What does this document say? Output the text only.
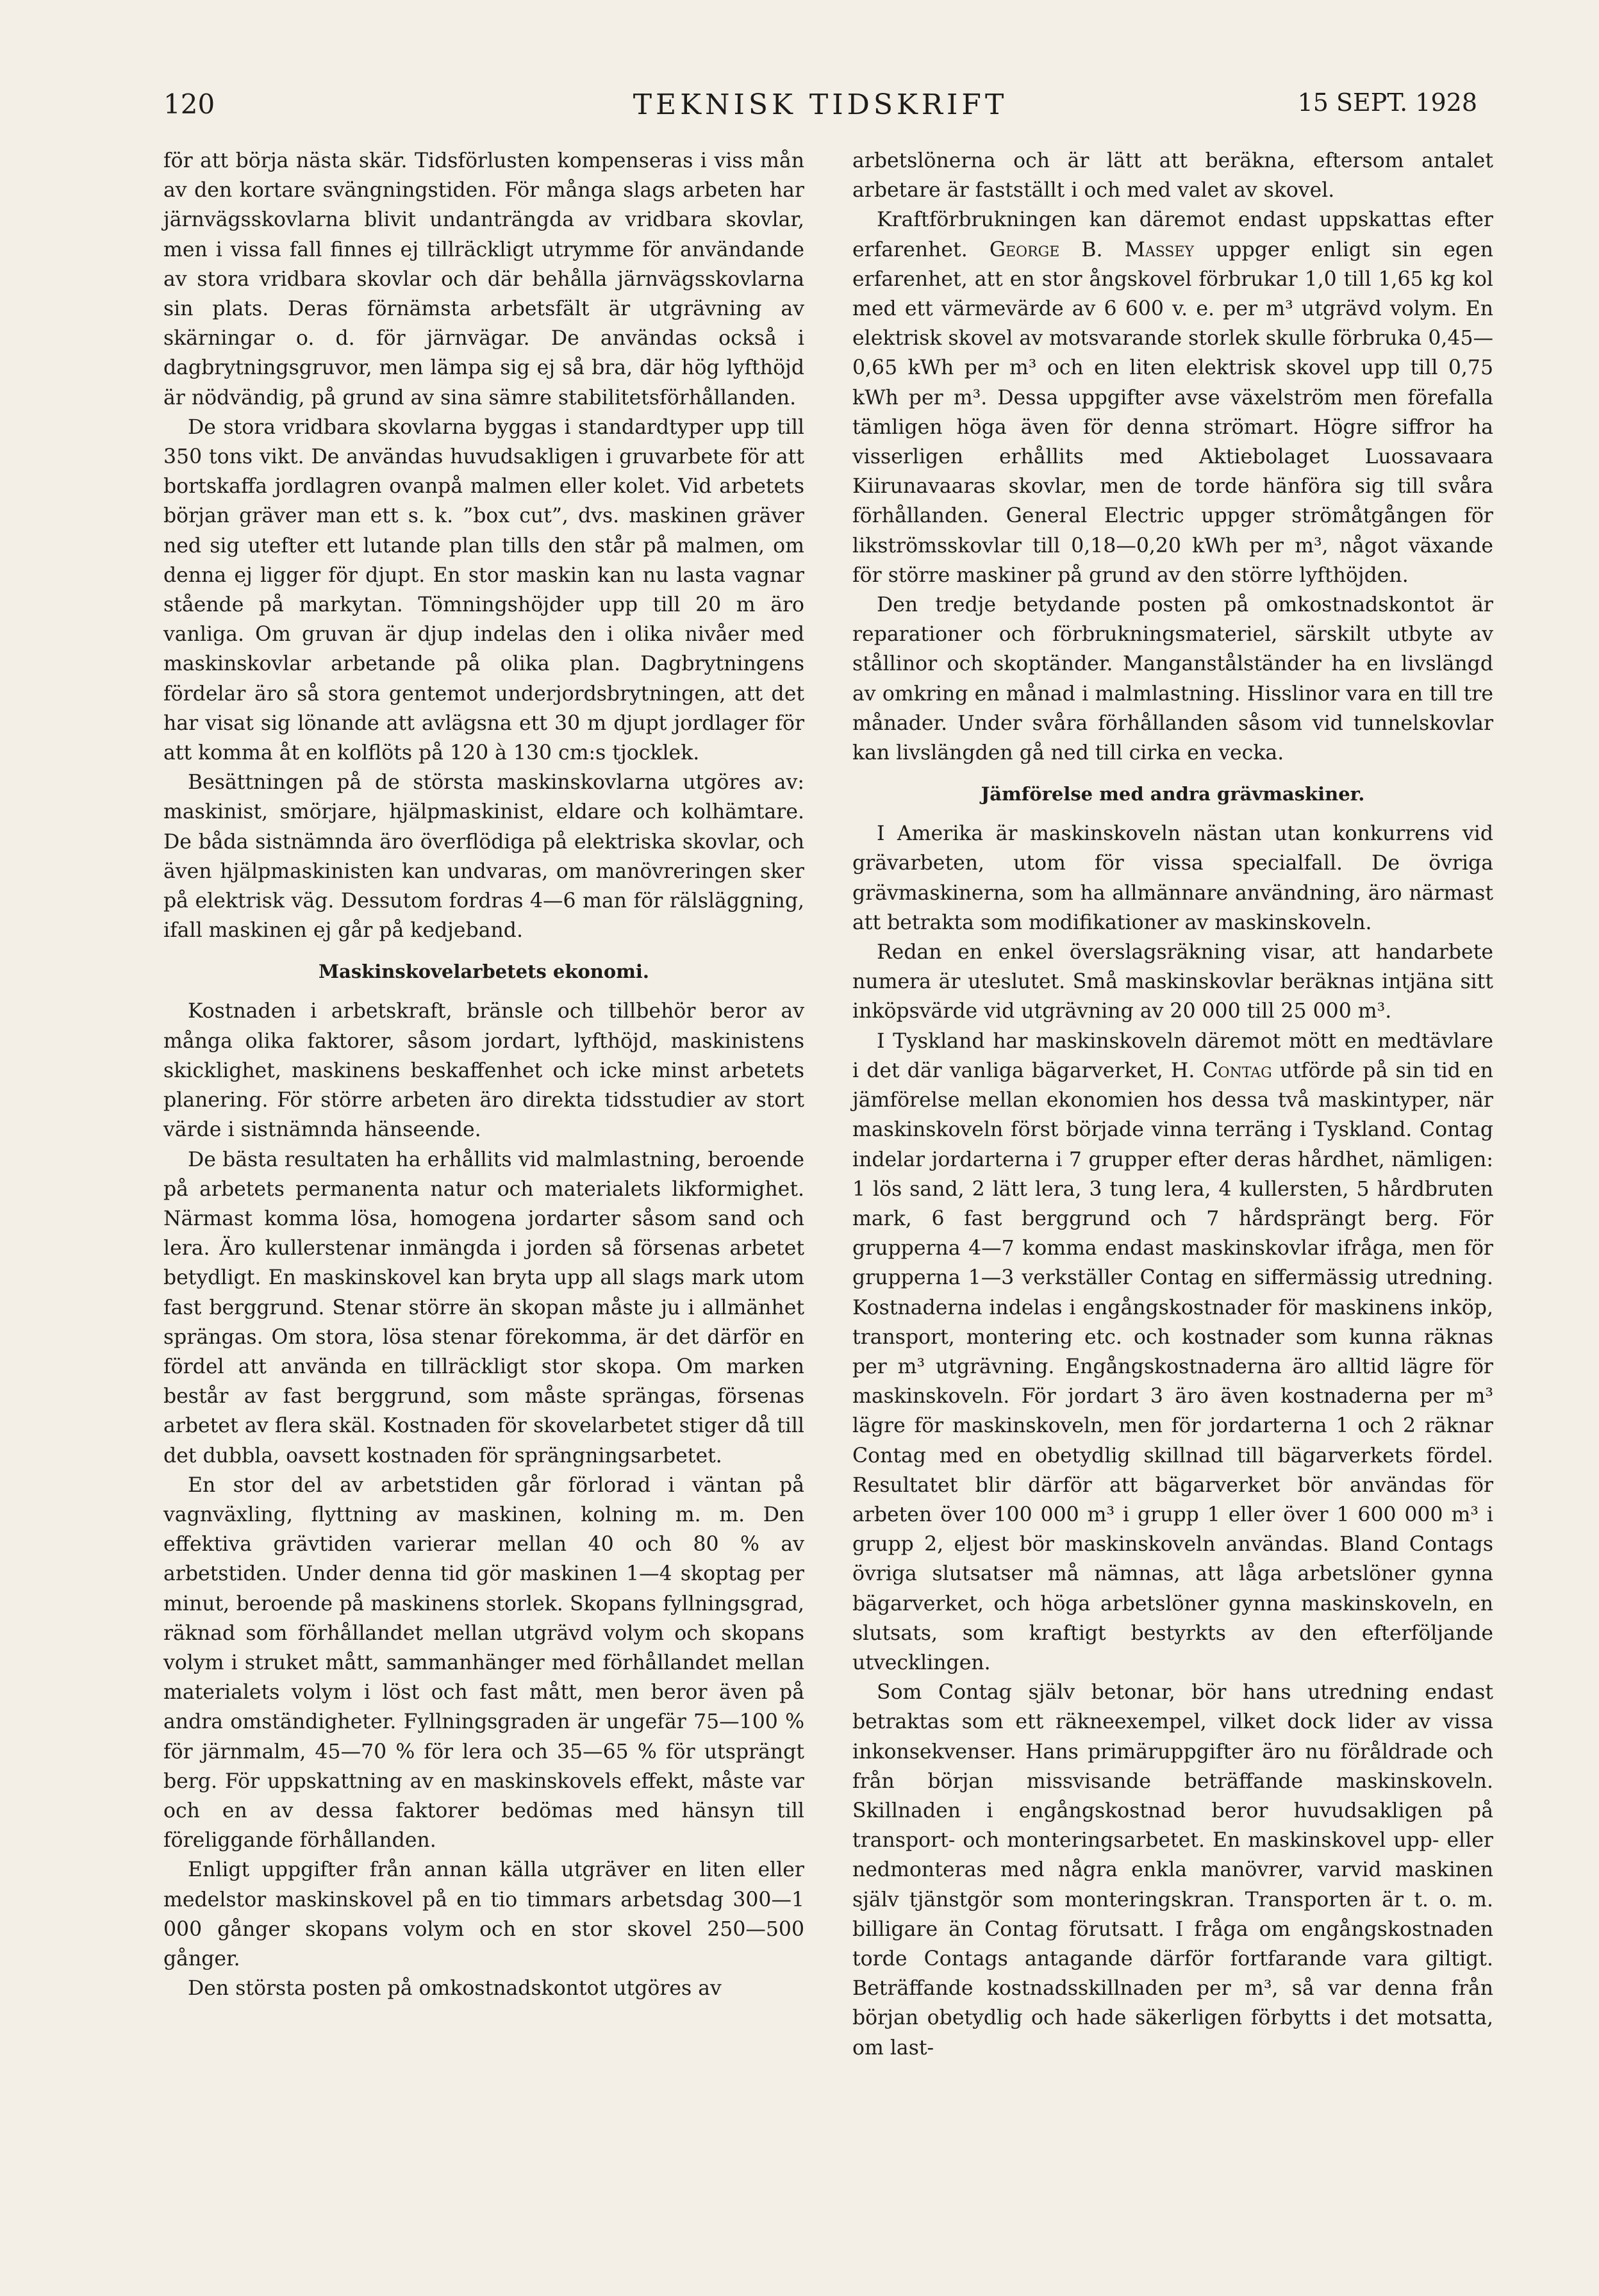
120	TEKNISK TIDSKRIFT	15 SEPT. 1928

för att börja nästa skär. Tidsförlusten kompenseras i viss mån av den kortare svängningstiden. För många slags arbeten har järnvägsskovlarna blivit undanträngda av vridbara skovlar, men i vissa fall finnes ej tillräckligt utrymme för användande av stora vridbara skovlar och där behålla järnvägsskovlarna sin plats. Deras förnämsta arbetsfält är utgrävning av skärningar o. d. för järnvägar. De användas också i dagbrytningsgruvor, men lämpa sig ej så bra, där hög lyfthöjd är nödvändig, på grund av sina sämre stabilitetsförhållanden.

De stora vridbara skovlarna byggas i standardtyper upp till 350 tons vikt. De användas huvudsakligen i gruvarbete för att bortskaffa jordlagren ovanpå malmen eller kolet. Vid arbetets början gräver man ett s. k. ”box cut”, dvs. maskinen gräver ned sig utefter ett lutande plan tills den står på malmen, om denna ej ligger för djupt. En stor maskin kan nu lasta vagnar stående på markytan. Tömningshöjder upp till 20 m äro vanliga. Om gruvan är djup indelas den i olika nivåer med maskinskovlar arbetande på olika plan. Dagbrytningens fördelar äro så stora gentemot underjordsbrytningen, att det har visat sig lönande att avlägsna ett 30 m djupt jordlager för att komma åt en kolflöts på 120 à 130 cm:s tjocklek.

Besättningen på de största maskinskovlarna utgöres av: maskinist, smörjare, hjälpmaskinist, eldare och kolhämtare. De båda sistnämnda äro överflödiga på elektriska skovlar, och även hjälpmaskinisten kan undvaras, om manövreringen sker på elektrisk väg. Dessutom fordras 4—6 man för rälsläggning, ifall maskinen ej går på kedjeband.

Maskinskovelarbetets ekonomi.

Kostnaden i arbetskraft, bränsle och tillbehör beror av många olika faktorer, såsom jordart, lyfthöjd, maskinistens skicklighet, maskinens beskaffenhet och icke minst arbetets planering. För större arbeten äro direkta tidsstudier av stort värde i sistnämnda hänseende.

De bästa resultaten ha erhållits vid malmlastning, beroende på arbetets permanenta natur och materialets likformighet. Närmast komma lösa, homogena jordarter såsom sand och lera. Äro kullerstenar inmängda i jorden så försenas arbetet betydligt. En maskinskovel kan bryta upp all slags mark utom fast berggrund. Stenar större än skopan måste ju i allmänhet sprängas. Om stora, lösa stenar förekomma, är det därför en fördel att använda en tillräckligt stor skopa. Om marken består av fast berggrund, som måste sprängas, försenas arbetet av flera skäl. Kostnaden för skovelarbetet stiger då till det dubbla, oavsett kostnaden för sprängningsarbetet.

En stor del av arbetstiden går förlorad i väntan på vagnväxling, flyttning av maskinen, kolning m. m. Den effektiva grävtiden varierar mellan 40 och 80 % av arbetstiden. Under denna tid gör maskinen 1—4 skoptag per minut, beroende på maskinens storlek. Skopans fyllningsgrad, räknad som förhållandet mellan utgrävd volym och skopans volym i struket mått, sammanhänger med förhållandet mellan materialets volym i löst och fast mått, men beror även på andra omständigheter. Fyllningsgraden är ungefär 75—100 % för järnmalm, 45—70 % för lera och 35—65 % för utsprängt berg. För uppskattning av en maskinskovels effekt, måste var och en av dessa faktorer bedömas med hänsyn till föreliggande förhållanden.

Enligt uppgifter från annan källa utgräver en liten eller medelstor maskinskovel på en tio timmars arbetsdag 300—1 000 gånger skopans volym och en stor skovel 250—500 gånger.

Den största posten på omkostnadskontot utgöres av

arbetslönerna och är lätt att beräkna, eftersom antalet arbetare är fastställt i och med valet av skovel.

Kraftförbrukningen kan däremot endast uppskattas efter erfarenhet. George B. Massey uppger enligt sin egen erfarenhet, att en stor ångskovel förbrukar 1,0 till 1,65 kg kol med ett värmevärde av 6 600 v. e. per m³ utgrävd volym. En elektrisk skovel av motsvarande storlek skulle förbruka 0,45—0,65 kWh per m³ och en liten elektrisk skovel upp till 0,75 kWh per m³. Dessa uppgifter avse växelström men förefalla tämligen höga även för denna strömart. Högre siffror ha visserligen erhållits med Aktiebolaget Luossavaara Kiirunavaaras skovlar, men de torde hänföra sig till svåra förhållanden. General Electric uppger strömåtgången för likströmsskovlar till 0,18—0,20 kWh per m³, något växande för större maskiner på grund av den större lyfthöjden.

Den tredje betydande posten på omkostnadskontot är reparationer och förbrukningsmateriel, särskilt utbyte av stållinor och skoptänder. Manganstålständer ha en livslängd av omkring en månad i malmlastning. Hisslinor vara en till tre månader. Under svåra förhållanden såsom vid tunnelskovlar kan livslängden gå ned till cirka en vecka.

Jämförelse med andra grävmaskiner.

I Amerika är maskinskoveln nästan utan konkurrens vid grävarbeten, utom för vissa specialfall. De övriga grävmaskinerna, som ha allmännare användning, äro närmast att betrakta som modifikationer av maskinskoveln.

Redan en enkel överslagsräkning visar, att handarbete numera är uteslutet. Små maskinskovlar beräknas intjäna sitt inköpsvärde vid utgrävning av 20 000 till 25 000 m³.

I Tyskland har maskinskoveln däremot mött en medtävlare i det där vanliga bägarverket, H. Contag utförde på sin tid en jämförelse mellan ekonomien hos dessa två maskintyper, när maskinskoveln först började vinna terräng i Tyskland. Contag indelar jordarterna i 7 grupper efter deras hårdhet, nämligen: 1 lös sand, 2 lätt lera, 3 tung lera, 4 kullersten, 5 hårdbruten mark, 6 fast berggrund och 7 hårdsprängt berg. För grupperna 4—7 komma endast maskinskovlar ifråga, men för grupperna 1—3 verkställer Contag en siffermässig utredning. Kostnaderna indelas i engångskostnader för maskinens inköp, transport, montering etc. och kostnader som kunna räknas per m³ utgrävning. Engångskostnaderna äro alltid lägre för maskinskoveln. För jordart 3 äro även kostnaderna per m³ lägre för maskinskoveln, men för jordarterna 1 och 2 räknar Contag med en obetydlig skillnad till bägarverkets fördel. Resultatet blir därför att bägarverket bör användas för arbeten över 100 000 m³ i grupp 1 eller över 1 600 000 m³ i grupp 2, eljest bör maskinskoveln användas. Bland Contags övriga slutsatser må nämnas, att låga arbetslöner gynna bägarverket, och höga arbetslöner gynna maskinskoveln, en slutsats, som kraftigt bestyrkts av den efterföljande utvecklingen.

Som Contag själv betonar, bör hans utredning endast betraktas som ett räkneexempel, vilket dock lider av vissa inkonsekvenser. Hans primäruppgifter äro nu föråldrade och från början missvisande beträffande maskinskoveln. Skillnaden i engångskostnad beror huvudsakligen på transport- och monteringsarbetet. En maskinskovel upp- eller nedmonteras med några enkla manövrer, varvid maskinen själv tjänstgör som monteringskran. Transporten är t. o. m. billigare än Contag förutsatt. I fråga om engångskostnaden torde Contags antagande därför fortfarande vara giltigt. Beträffande kostnadsskillnaden per m³, så var denna från början obetydlig och hade säkerligen förbytts i det motsatta, om last-
